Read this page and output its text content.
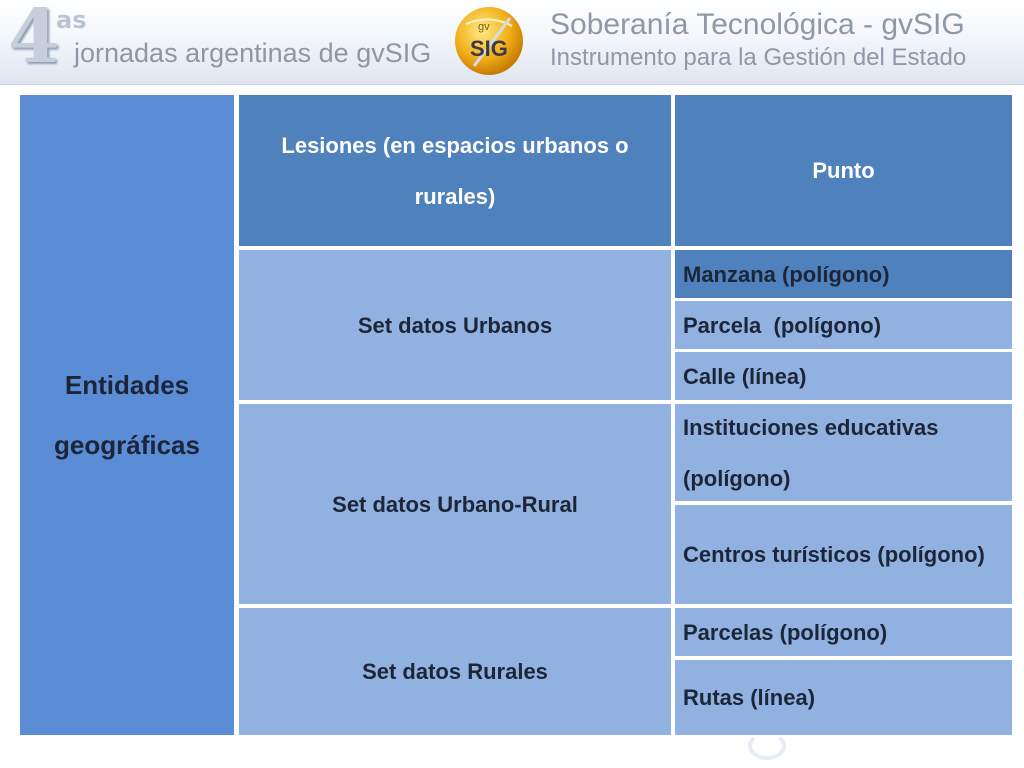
4
as
jornadas argentinas de gvSIG
gv
SIG
Soberanía Tecnológica - gvSIG
Instrumento para la Gestión del Estado
Entidades geográficas
Lesiones (en espacios urbanos o rurales)
Punto
Set datos Urbanos
Manzana (polígono)
Parcela  (polígono)
Calle (línea)
Set datos Urbano-Rural
Instituciones educativas (polígono)
Centros turísticos (polígono)
Set datos Rurales
Parcelas (polígono)
Rutas (línea)
